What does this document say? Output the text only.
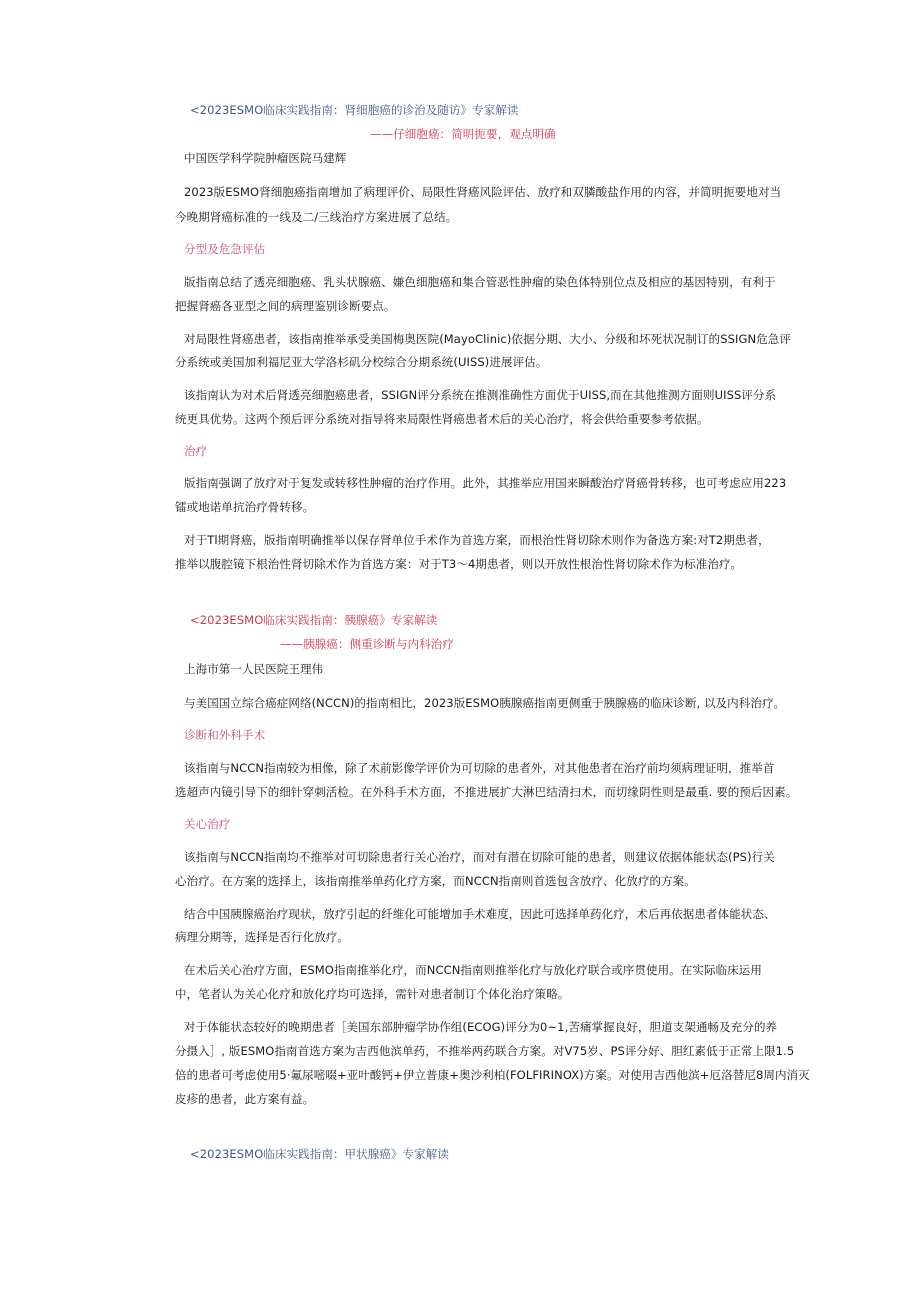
<2023ESMO临床实践指南：肾细胞癌的诊治及随访》专家解读

——仔细胞癌：简明扼要，观点明确

中国医学科学院肿瘤医院马建辉

2023版ESMO肾细胞癌指南增加了病理评价、局限性肾癌风险评估、放疗和双膦酸盐作用的内容，并简明扼要地对当

今晚期肾癌标准的一线及二/三线治疗方案进展了总结。

分型及危急评估

版指南总结了透亮细胞癌、乳头状腺癌、嫌色细胞癌和集合管恶性肿瘤的染色体特别位点及相应的基因特别，有利于

把握肾癌各亚型之间的病理鉴别诊断要点。

对局限性肾癌患者，该指南推举承受美国梅奥医院(MayoClinic)依据分期、大小、分级和坏死状况制订的SSIGN危急评

分系统或美国加利福尼亚大学洛杉矶分校综合分期系统(UISS)进展评估。

该指南认为对术后肾透亮细胞癌患者，SSIGN评分系统在推测准确性方面优于UISS,而在其他推测方面则UISS评分系

统更具优势。这两个预后评分系统对指导将来局限性肾癌患者术后的关心治疗，将会供给重要参考依据。

治疗

版指南强调了放疗对于复发或转移性肿瘤的治疗作用。此外，其推举应用国来瞬酸治疗肾癌骨转移，也可考虑应用223

镭或地诺单抗治疗骨转移。

对于Tl期肾癌，版指南明确推举以保存肾单位手术作为首选方案，而根治性肾切除术则作为备选方案:对T2期患者，

推举以腹腔镜下根治性肾切除术作为首选方案：对于T3〜4期患者，则以开放性根治性肾切除术作为标准治疗。

<2023ESMO临床实践指南：胰腺癌》专家解读

——胰腺癌：侧重诊断与内科治疗

上海市第一人民医院王理伟

与美国国立综合癌症网络(NCCN)的指南相比，2023版ESMO胰腺癌指南更侧重于胰腺癌的临床诊断, 以及内科治疗。

诊断和外科手术

该指南与NCCN指南较为相像，除了术前影像学评价为可切除的患者外，对其他患者在治疗前均须病理证明，推举首

选超声内镜引导下的细针穿刺活检。在外科手术方面，不推进展扩大淋巴结清扫术，而切缘阴性则是最重. 要的预后因素。

关心治疗

该指南与NCCN指南均不推举对可切除患者行关心治疗，而对有潜在切除可能的患者，则建议依据体能状态(PS)行关

心治疗。在方案的选择上，该指南推举单药化疗方案，而NCCN指南则首选包含放疗、化放疗的方案。

结合中国胰腺癌治疗现状，放疗引起的纤维化可能增加手术难度，因此可选择单药化疗，术后再依据患者体能状态、

病理分期等，选择是否行化放疗。

在术后关心治疗方面，ESMO指南推举化疗，而NCCN指南则推举化疗与放化疗联合或序贯使用。在实际临床运用

中，笔者认为关心化疗和放化疗均可选择，需针对患者制订个体化治疗策略。

对于体能状态较好的晚期患者［美国东部肿瘤学协作组(ECOG)评分为0~1,苦痛掌握良好，胆道支架通畅及充分的养

分摄入］, 版ESMO指南首选方案为吉西他滨单药，不推举两药联合方案。对V75岁、PS评分好、胆红素低于正常上限1.5

倍的患者可考虑使用5·氟尿嘧啜+亚叶酸钙+伊立普康+奥沙利柏(FOLFIRINOX)方案。对使用吉西他滨+厄洛替尼8周内消灭

皮疹的患者，此方案有益。

<2023ESMO临床实践指南：甲状腺癌》专家解读
